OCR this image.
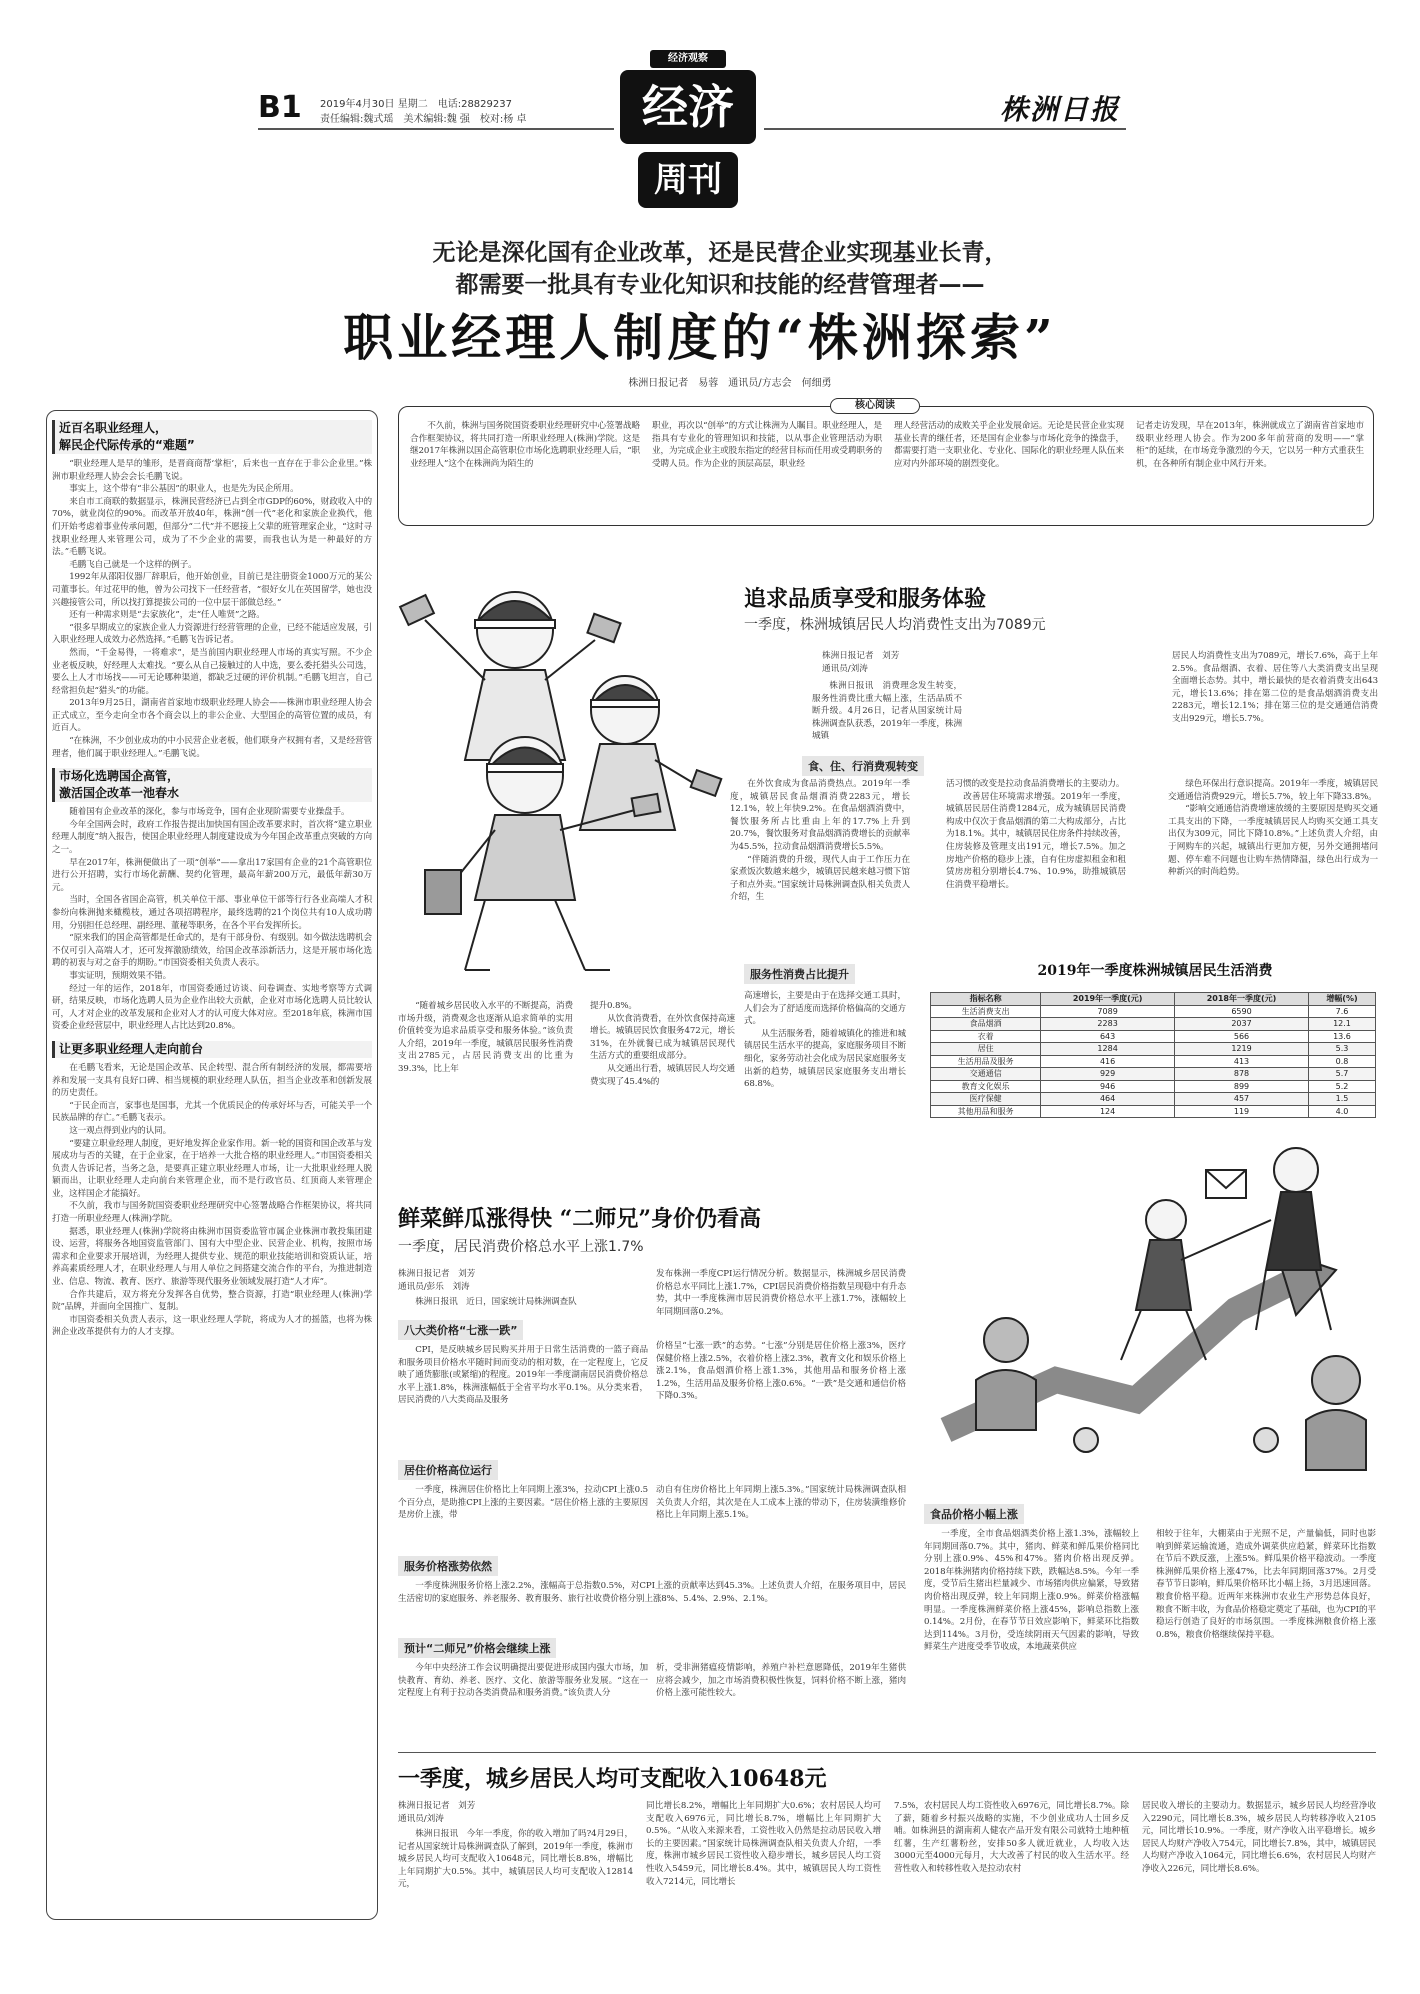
B1 2019年4月30日 星期二　 电话:28829237
责任编辑:魏式瑶　美术编辑:魏 强　校对:杨 卓
经济观察
经济
周刊
株洲日报
无论是深化国有企业改革，还是民营企业实现基业长青，
都需要一批具有专业化知识和技能的经营管理者——
职业经理人制度的“株洲探索”
株洲日报记者　易蓉　通讯员/方志会　何细勇
核心阅读

不久前，株洲与国务院国资委职业经理研究中心签署战略合作框架协议，将共同打造一所职业经理人(株洲)学院。这是继2017年株洲以国企高管职位市场化选聘职业经理人后，“职业经理人”这个在株洲尚为陌生的

职业，再次以“创举”的方式让株洲为人瞩目。职业经理人，是指具有专业化的管理知识和技能，以从事企业管理活动为职业，为完成企业主或股东指定的经营目标而任用或受聘职务的受聘人员。作为企业的顶层高层，职业经

理人经营活动的成败关乎企业发展命运。无论是民营企业实现基业长青的继任者，还是国有企业参与市场化竞争的操盘手，都需要打造一支职业化、专业化、国际化的职业经理人队伍来应对内外部环境的剧烈变化。

记者走访发现，早在2013年，株洲就成立了湖南省首家地市级职业经理人协会。作为200多年前营商的发明——“掌柜”的延续，在市场竞争激烈的今天，它以另一种方式重获生机，在各种所有制企业中风行开来。

近百名职业经理人，
解民企代际传承的“难题”

“职业经理人是早的雏形，是晋商商帮‘掌柜’，后来也一直存在于非公企业里。”株洲市职业经理人协会会长毛鹏飞说。

事实上，这个带有“非公基因”的职业人，也是先为民企所用。

来自市工商联的数据显示，株洲民营经济已占到全市GDP的60%，财政收入中的70%，就业岗位的90%。而改革开放40年，株洲“创一代”老化和家族企业换代，他们开始考虑着事业传承问题，但部分“二代”并不愿接上父辈的班管理家企业，“这时寻找职业经理人来管理公司，成为了不少企业的需要，而我也认为是一种最好的方法。”毛鹏飞说。

毛鹏飞自己就是一个这样的例子。

1992年从邵阳仪器厂辞职后，他开始创业，目前已是注册资金1000万元的某公司董事长。年过花甲的他，曾为公司找下一任经营者，“很好女儿在英国留学，她也没兴趣接管公司，所以找打算提拔公司的一位中层干部做总经。”

还有一种需求则是“去家族化”，走“任人唯贤”之路。

“很多早期成立的家族企业人力资源进行经营管理的企业，已经不能适应发展，引入职业经理人成效力必然选择。”毛鹏飞告诉记者。

然而，“千金易得，一将难求”，是当前国内职业经理人市场的真实写照。不少企业老板反映，好经理人太难找。“要么从自己接触过的人中选，要么委托猎头公司选，要么上人才市场找——可无论哪种渠道，都缺乏过硬的评价机制。”毛鹏飞坦言，自己经常担负起“猎头”的功能。

2013年9月25日，湖南省首家地市级职业经理人协会——株洲市职业经理人协会正式成立，至今走向全市各个商会以上的非公企业、大型国企的高管位置的成员，有近百人。

“在株洲，不少创业成功的中小民营企业老板，他们联身产权拥有者，又是经营管理者，他们属于职业经理人。”毛鹏飞说。

市场化选聘国企高管，
激活国企改革一池春水

随着国有企业改革的深化，参与市场竞争，国有企业现阶需要专业操盘手。

今年全国两会时，政府工作报告提出加快国有国企改革要求时，首次将“建立职业经理人制度”纳入报告，使国企职业经理人制度建设成为今年国企改革重点突破的方向之一。

早在2017年，株洲便做出了一项“创举”——拿出17家国有企业的21个高管职位进行公开招聘，实行市场化薪酬、契约化管理，最高年薪200万元，最低年薪30万元。

当时，全国各省国企高管，机关单位干部、事业单位干部等行行各业高端人才积参纷向株洲抛来橄榄枝，通过各项招聘程序，最终选聘的21个岗位共有10人成功聘用，分别担任总经理、副经理、董秘等职务，在各个平台发挥所长。

“原来我们的国企高管都是任命式的，是有干部身份、有级别。如今做法选聘机会不仅可引入高端人才，还可发挥激励绩效，给国企改革添新活力，这是开展市场化选聘的初衷与对之奋手的期盼。”市国资委相关负责人表示。

事实证明，预期效果不错。

经过一年的运作，2018年，市国资委通过访谈、问卷调查、实地考察等方式调研，结果反映，市场化选聘人员为企业作出较大贡献，企业对市场化选聘人员比较认可，人才对企业的改革发展和企业对人才的认可度大体对应。至2018年底，株洲市国资委企业经营层中，职业经理人占比达到20.8%。

让更多职业经理人走向前台

在毛鹏飞看来，无论是国企改革、民企转型、混合所有制经济的发展，都需要培养和发展一支具有良好口碑、相当规模的职业经理人队伍，担当企业改革和创新发展的历史责任。

“于民企而言，家事也是国事，尤其一个优质民企的传承好坏与否，可能关乎一个民族品牌的存亡。”毛鹏飞表示。

这一观点得到业内的认同。

“要建立职业经理人制度，更好地发挥企业家作用。新一轮的国资和国企改革与发展成功与否的关键，在于企业家，在于培养一大批合格的职业经理人。”市国资委相关负责人告诉记者，当务之急，是要真正建立职业经理人市场，让一大批职业经理人脱颖而出，让职业经理人走向前台来管理企业，而不是行政官员、红顶商人来管理企业，这样国企才能搞好。

不久前，我市与国务院国资委职业经理研究中心签署战略合作框架协议，将共同打造一所职业经理人(株洲)学院。

据悉，职业经理人(株洲)学院将由株洲市国资委监管市属企业株洲市教投集团建设、运营，将服务各地国资监管部门、国有大中型企业、民营企业、机构，按照市场需求和企业要求开展培训，为经理人提供专业、规范的职业技能培训和资质认证，培养高素质经理人才，在职业经理人与用人单位之间搭建交流合作的平台，为推进制造业、信息、物流、教育、医疗、旅游等现代服务业领域发展打造“人才库”。

合作共建后，双方将充分发挥各自优势，整合资源，打造“职业经理人(株洲)学院”品牌，并面向全国推广、复制。

市国资委相关负责人表示，这一职业经理人学院，将成为人才的摇篮，也将为株洲企业改革提供有力的人才支撑。

追求品质享受和服务体验
一季度，株洲城镇居民人均消费性支出为7089元
株洲日报记者　刘芳
通讯员/刘涛

株洲日报讯　消费理念发生转变，服务性消费比重大幅上涨，生活品质不断升级。4月26日，记者从国家统计局株洲调查队获悉，2019年一季度，株洲城镇

居民人均消费性支出为7089元，增长7.6%，高于上年2.5%。食品烟酒、衣着、居住等八大类消费支出呈现全面增长态势。其中，增长最快的是衣着消费支出643元，增长13.6%；排在第二位的是食品烟酒消费支出2283元，增长12.1%；排在第三位的是交通通信消费支出929元，增长5.7%。

食、住、行消费观转变

在外饮食成为食品消费热点。2019年一季度，城镇居民食品烟酒消费2283元，增长12.1%，较上年快9.2%。在食品烟酒消费中，餐饮服务所占比重由上年的17.7%上升到20.7%，餐饮服务对食品烟酒消费增长的贡献率为45.5%，拉动食品烟酒消费增长5.5%。

“伴随消费的升级，现代人由于工作压力在家煮饭次数越来越少，城镇居民越来越习惯下馆子和点外卖。”国家统计局株洲调查队相关负责人介绍，生

活习惯的改变是拉动食品消费增长的主要动力。

改善居住环境需求增强。2019年一季度，城镇居民居住消费1284元，成为城镇居民消费构成中仅次于食品烟酒的第二大构成部分，占比为18.1%。其中，城镇居民住房条件持续改善，住房装修及管理支出191元，增长7.5%。加之房地产价格的稳步上涨，自有住房虚拟租金和租赁房房租分别增长4.7%、10.9%，助推城镇居住消费平稳增长。

绿色环保出行意识提高。2019年一季度，城镇居民交通通信消费929元，增长5.7%，较上年下降33.8%。

“影响交通通信消费增速放缓的主要原因是购买交通工具支出的下降，一季度城镇居民人均购买交通工具支出仅为309元，同比下降10.8%。”上述负责人介绍，由于网购车的兴起，城镇出行更加方便，另外交通拥堵问题、停车难不问题也让购车热情降温，绿色出行成为一种新兴的时尚趋势。

服务性消费占比提升

“随着城乡居民收入水平的不断提高，消费市场升级，消费观念也逐渐从追求简单的实用价值转变为追求品质享受和服务体验。”该负责人介绍，2019年一季度，城镇居民服务性消费支出2785元，占居民消费支出的比重为39.3%，比上年

提升0.8%。

从饮食消费看，在外饮食保持高速增长。城镇居民饮食服务472元，增长31%，在外就餐已成为城镇居民现代生活方式的重要组成部分。

从交通出行看，城镇居民人均交通费实现了45.4%的

高速增长，主要是由于在选择交通工具时，人们会为了舒适度而选择价格偏高的交通方式。

从生活服务看，随着城镇化的推进和城镇居民生活水平的提高，家庭服务项目不断细化，家务劳动社会化成为居民家庭服务支出新的趋势，城镇居民家庭服务支出增长68.8%。

2019年一季度株洲城镇居民生活消费
指标名称	2019年一季度(元)	2018年一季度(元)	增幅(%)
生活消费支出	7089	6590	7.6
食品烟酒	2283	2037	12.1
衣着	643	566	13.6
居住	1284	1219	5.3
生活用品及服务	416	413	0.8
交通通信	929	878	5.7
教育文化娱乐	946	899	5.2
医疗保健	464	457	1.5
其他用品和服务	124	119	4.0
鲜菜鲜瓜涨得快 “二师兄”身价仍看高
一季度，居民消费价格总水平上涨1.7%
株洲日报记者　刘芳
通讯员/彭乐　刘涛

株洲日报讯　近日，国家统计局株洲调查队

发布株洲一季度CPI运行情况分析。数据显示，株洲城乡居民消费价格总水平同比上涨1.7%，CPI居民消费价格指数呈现稳中有升态势，其中一季度株洲市居民消费价格总水平上涨1.7%，涨幅较上年同期回落0.2%。

八大类价格“七涨一跌”

CPI，是反映城乡居民购买并用于日常生活消费的一篮子商品和服务项目价格水平随时间而变动的相对数，在一定程度上，它反映了通货膨胀(或紧缩)的程度。2019年一季度湖南居民消费价格总水平上涨1.8%，株洲涨幅低于全省平均水平0.1%。从分类来看，居民消费的八大类商品及服务

价格呈“七涨一跌”的态势。“七涨”分别是居住价格上涨3%，医疗保健价格上涨2.5%，衣着价格上涨2.3%，教育文化和娱乐价格上涨2.1%，食品烟酒价格上涨1.3%，其他用品和服务价格上涨1.2%，生活用品及服务价格上涨0.6%。“一跌”是交通和通信价格下降0.3%。

居住价格高位运行

一季度，株洲居住价格比上年同期上涨3%，拉动CPI上涨0.5个百分点，是助推CPI上涨的主要因素。“居住价格上涨的主要原因是房价上涨，带

动自有住房价格比上年同期上涨5.3%。”国家统计局株洲调查队相关负责人介绍，其次是在人工成本上涨的带动下，住房装潢维修价格比上年同期上涨5.1%。

服务价格涨势依然

一季度株洲服务价格上涨2.2%，涨幅高于总指数0.5%，对CPI上涨的贡献率达到45.3%。上述负责人介绍，在服务项目中，居民生活密切的家庭服务、养老服务、教育服务、旅行社收费价格分别上涨8%、5.4%、2.9%、2.1%。

预计“二师兄”价格会继续上涨

今年中央经济工作会议明确提出要促进形成国内强大市场，加快教育、育幼、养老、医疗、文化、旅游等服务业发展。“这在一定程度上有利于拉动各类消费品和服务消费。”该负责人分

析，受非洲猪瘟疫情影响，养殖户补栏意愿降低，2019年生猪供应将会减少，加之市场消费积极性恢复，饲料价格不断上涨，猪肉价格上涨可能性较大。

食品价格小幅上涨

一季度，全市食品烟酒类价格上涨1.3%，涨幅较上年同期回落0.7%。其中，猪肉、鲜菜和鲜瓜果价格同比分别上涨0.9%、45%和47%。猪肉价格出现反弹。2018年株洲猪肉价格持续下跌，跌幅达8.5%。今年一季度，受节后生猪出栏量减少、市场猪肉供应偏紧，导致猪肉价格出现反弹，较上年同期上涨0.9%。鲜菜价格涨幅明显。一季度株洲鲜菜价格上涨45%，影响总指数上涨0.14%。2月份，在春节节日效应影响下，鲜菜环比指数达到114%。3月份，受连续阴雨天气因素的影响，导致鲜菜生产进度受季节收成，本地蔬菜供应

相较于往年，大棚菜由于光照不足，产量偏低，同时也影响到鲜菜运输流通，造成外调菜供应趋紧，鲜菜环比指数在节后不跌反涨，上涨5%。鲜瓜果价格平稳波动。一季度株洲鲜瓜果价格上涨47%，比去年同期回落37%。2月受春节节日影响，鲜瓜果价格环比小幅上扬，3月迅速回落。粮食价格平稳。近两年来株洲市农业生产形势总体良好，粮食不断丰收，为食品价格稳定奠定了基础，也为CPI的平稳运行创造了良好的市场氛围。一季度株洲粮食价格上涨0.8%，粮食价格继续保持平稳。

一季度，城乡居民人均可支配收入10648元
株洲日报记者　刘芳
通讯员/刘涛

株洲日报讯　今年一季度，你的收入增加了吗?4月29日，记者从国家统计局株洲调查队了解到，2019年一季度，株洲市城乡居民人均可支配收入10648元，同比增长8.8%，增幅比上年同期扩大0.5%。其中，城镇居民人均可支配收入12814元，

同比增长8.2%，增幅比上年同期扩大0.6%；农村居民人均可支配收入6976元，同比增长8.7%，增幅比上年同期扩大0.5%。“从收入来源来看，工资性收入仍然是拉动居民收入增长的主要因素。”国家统计局株洲调查队相关负责人介绍，一季度，株洲市城乡居民工资性收入稳步增长，城乡居民人均工资性收入5459元，同比增长8.4%。其中，城镇居民人均工资性收入7214元，同比增长

7.5%，农村居民人均工资性收入6976元，同比增长8.7%。除了薪，随着乡村振兴战略的实施，不少创业成功人士回乡反哺。如株洲县的湖南莉人健农产品开发有限公司就特土地种植红薯，生产红薯粉丝，安排50多人就近就业，人均收入达3000元至4000元每月，大大改善了村民的收入生活水平。经营性收入和转移性收入是拉动农村

居民收入增长的主要动力。数据显示，城乡居民人均经营净收入2290元，同比增长8.3%，城乡居民人均转移净收入2105元，同比增长10.9%。一季度，财产净收入出平稳增长。城乡居民人均财产净收入754元，同比增长7.8%，其中，城镇居民人均财产净收入1064元，同比增长6.6%，农村居民人均财产净收入226元，同比增长8.6%。
